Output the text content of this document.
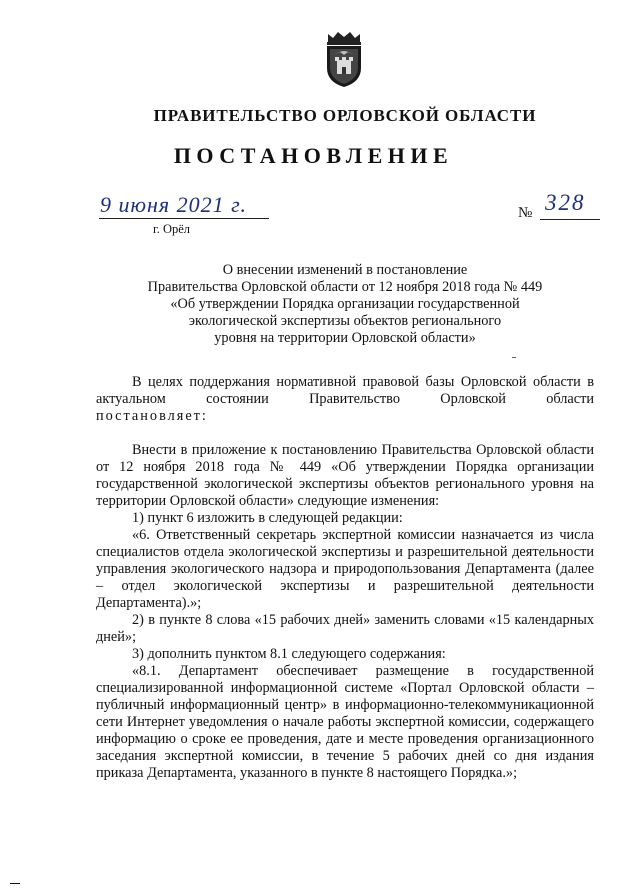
ПРАВИТЕЛЬСТВО ОРЛОВСКОЙ ОБЛАСТИ
ПОСТАНОВЛЕНИЕ
9 июня 2021 г.
г. Орёл
№ 328
О внесении изменений в постановление
Правительства Орловской области от 12 ноября 2018 года № 449
«Об утверждении Порядка организации государственной
экологической экспертизы объектов регионального
уровня на территории Орловской области»
В целях поддержания нормативной правовой базы Орловской области в актуальном состоянии Правительство Орловской области
постановляет:
Внести в приложение к постановлению Правительства Орловской области от 12 ноября 2018 года № 449 «Об утверждении Порядка организации государственной экологической экспертизы объектов регионального уровня на территории Орловской области» следующие изменения:
1) пункт 6 изложить в следующей редакции:
«6. Ответственный секретарь экспертной комиссии назначается из числа специалистов отдела экологической экспертизы и разрешительной деятельности управления экологического надзора и природопользования Департамента (далее – отдел экологической экспертизы и разрешительной деятельности Департамента).»;
2) в пункте 8 слова «15 рабочих дней» заменить словами «15 календарных дней»;
3) дополнить пунктом 8.1 следующего содержания:
«8.1. Департамент обеспечивает размещение в государственной специализированной информационной системе «Портал Орловской области – публичный информационный центр» в информационно-телекоммуникационной сети Интернет уведомления о начале работы экспертной комиссии, содержащего информацию о сроке ее проведения, дате и месте проведения организационного заседания экспертной комиссии, в течение 5 рабочих дней со дня издания приказа Департамента, указанного в пункте 8 настоящего Порядка.»;
